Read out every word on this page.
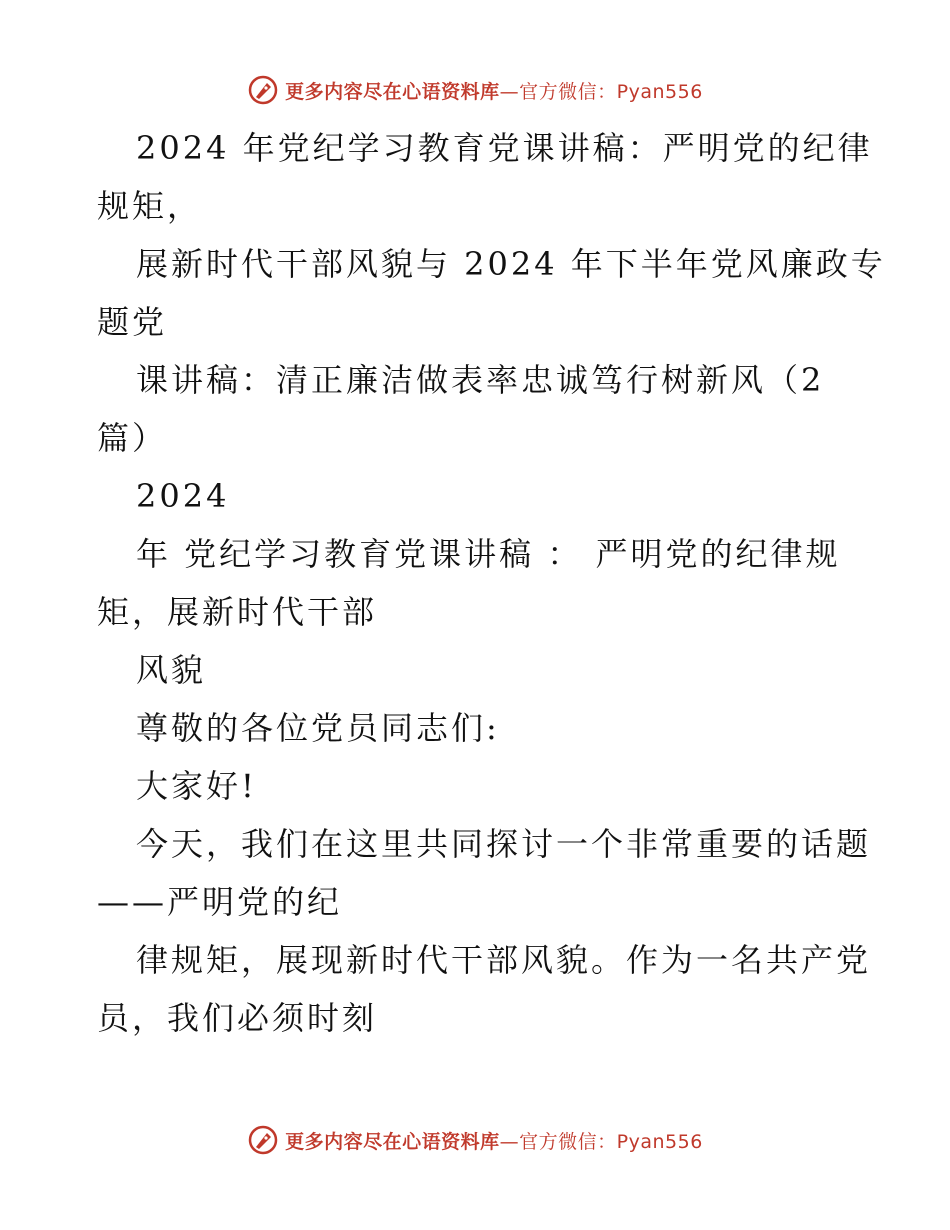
更多内容尽在心语资料库—官方微信：Pyan556
2024 年党纪学习教育党课讲稿：严明党的纪律
规矩，
展新时代干部风貌与 2024 年下半年党风廉政专
题党
课讲稿：清正廉洁做表率忠诚笃行树新风（2
篇）
2024
年 党纪学习教育党课讲稿 ： 严明党的纪律规
矩，展新时代干部
风貌
尊敬的各位党员同志们:
大家好!
今天，我们在这里共同探讨一个非常重要的话题
——严明党的纪
律规矩，展现新时代干部风貌。作为一名共产党
员，我们必须时刻
更多内容尽在心语资料库—官方微信：Pyan556
